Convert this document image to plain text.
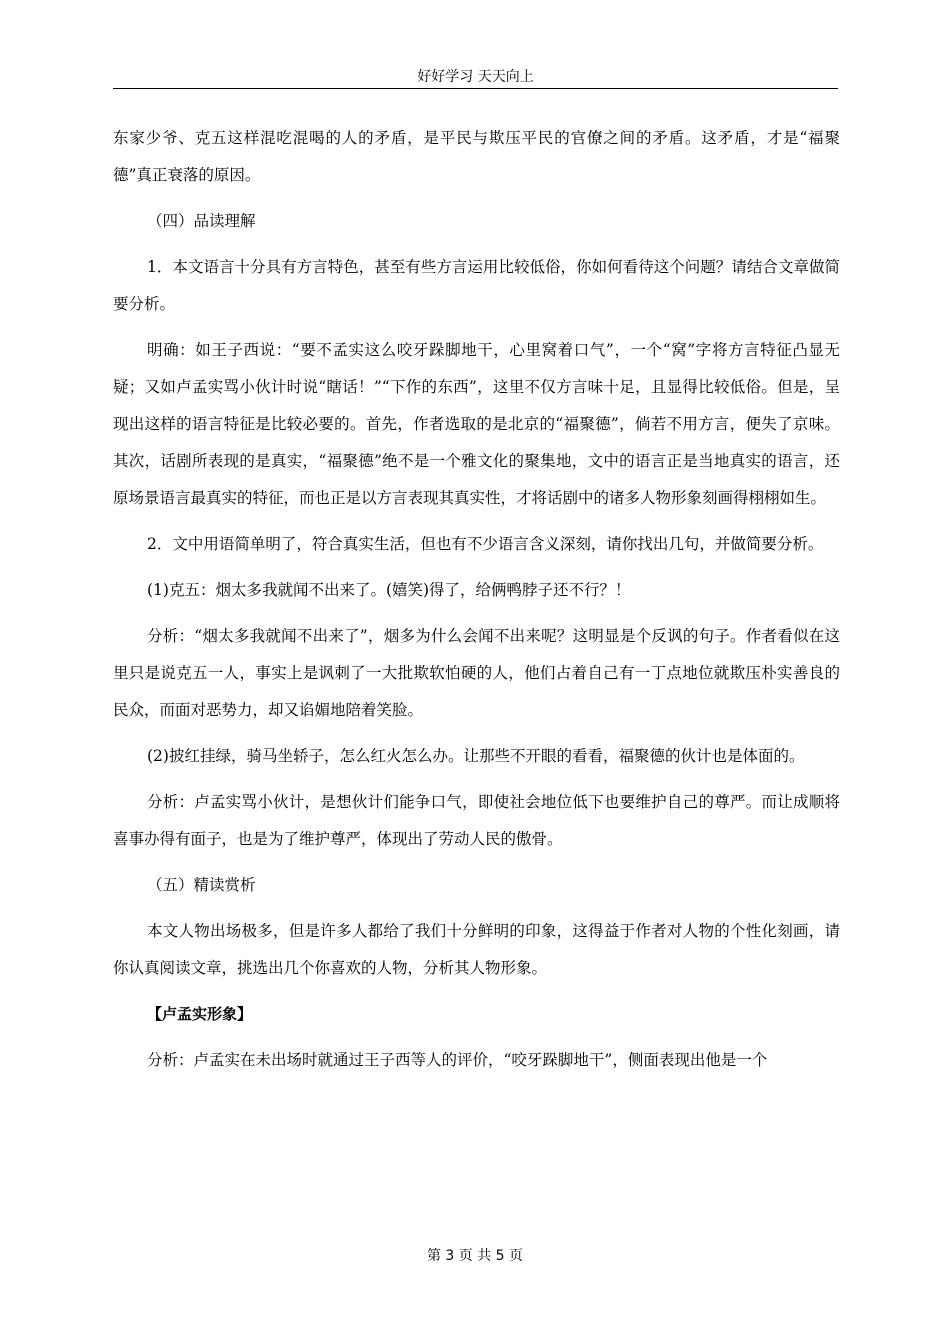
好好学习 天天向上

东家少爷、克五这样混吃混喝的人的矛盾，是平民与欺压平民的官僚之间的矛盾。这矛盾，才是“福聚德”真正衰落的原因。

（四）品读理解

1．本文语言十分具有方言特色，甚至有些方言运用比较低俗，你如何看待这个问题？请结合文章做简要分析。

明确：如王子西说：“要不孟实这么咬牙跺脚地干，心里窝着口气”，一个“窝”字将方言特征凸显无疑；又如卢孟实骂小伙计时说“瞎话！”“下作的东西”，这里不仅方言味十足，且显得比较低俗。但是，呈现出这样的语言特征是比较必要的。首先，作者选取的是北京的“福聚德”，倘若不用方言，便失了京味。其次，话剧所表现的是真实，“福聚德”绝不是一个雅文化的聚集地，文中的语言正是当地真实的语言，还原场景语言最真实的特征，而也正是以方言表现其真实性，才将话剧中的诸多人物形象刻画得栩栩如生。

2．文中用语简单明了，符合真实生活，但也有不少语言含义深刻，请你找出几句，并做简要分析。

(1)克五：烟太多我就闻不出来了。(嬉笑)得了，给俩鸭脖子还不行？！

分析：“烟太多我就闻不出来了”，烟多为什么会闻不出来呢？这明显是个反讽的句子。作者看似在这里只是说克五一人，事实上是讽刺了一大批欺软怕硬的人，他们占着自己有一丁点地位就欺压朴实善良的民众，而面对恶势力，却又谄媚地陪着笑脸。

(2)披红挂绿，骑马坐轿子，怎么红火怎么办。让那些不开眼的看看，福聚德的伙计也是体面的。

分析：卢孟实骂小伙计，是想伙计们能争口气，即使社会地位低下也要维护自己的尊严。而让成顺将喜事办得有面子，也是为了维护尊严，体现出了劳动人民的傲骨。

（五）精读赏析

本文人物出场极多，但是许多人都给了我们十分鲜明的印象，这得益于作者对人物的个性化刻画，请你认真阅读文章，挑选出几个你喜欢的人物，分析其人物形象。

【卢孟实形象】

分析：卢孟实在未出场时就通过王子西等人的评价，“咬牙跺脚地干”，侧面表现出他是一个

第 3 页 共 5 页
